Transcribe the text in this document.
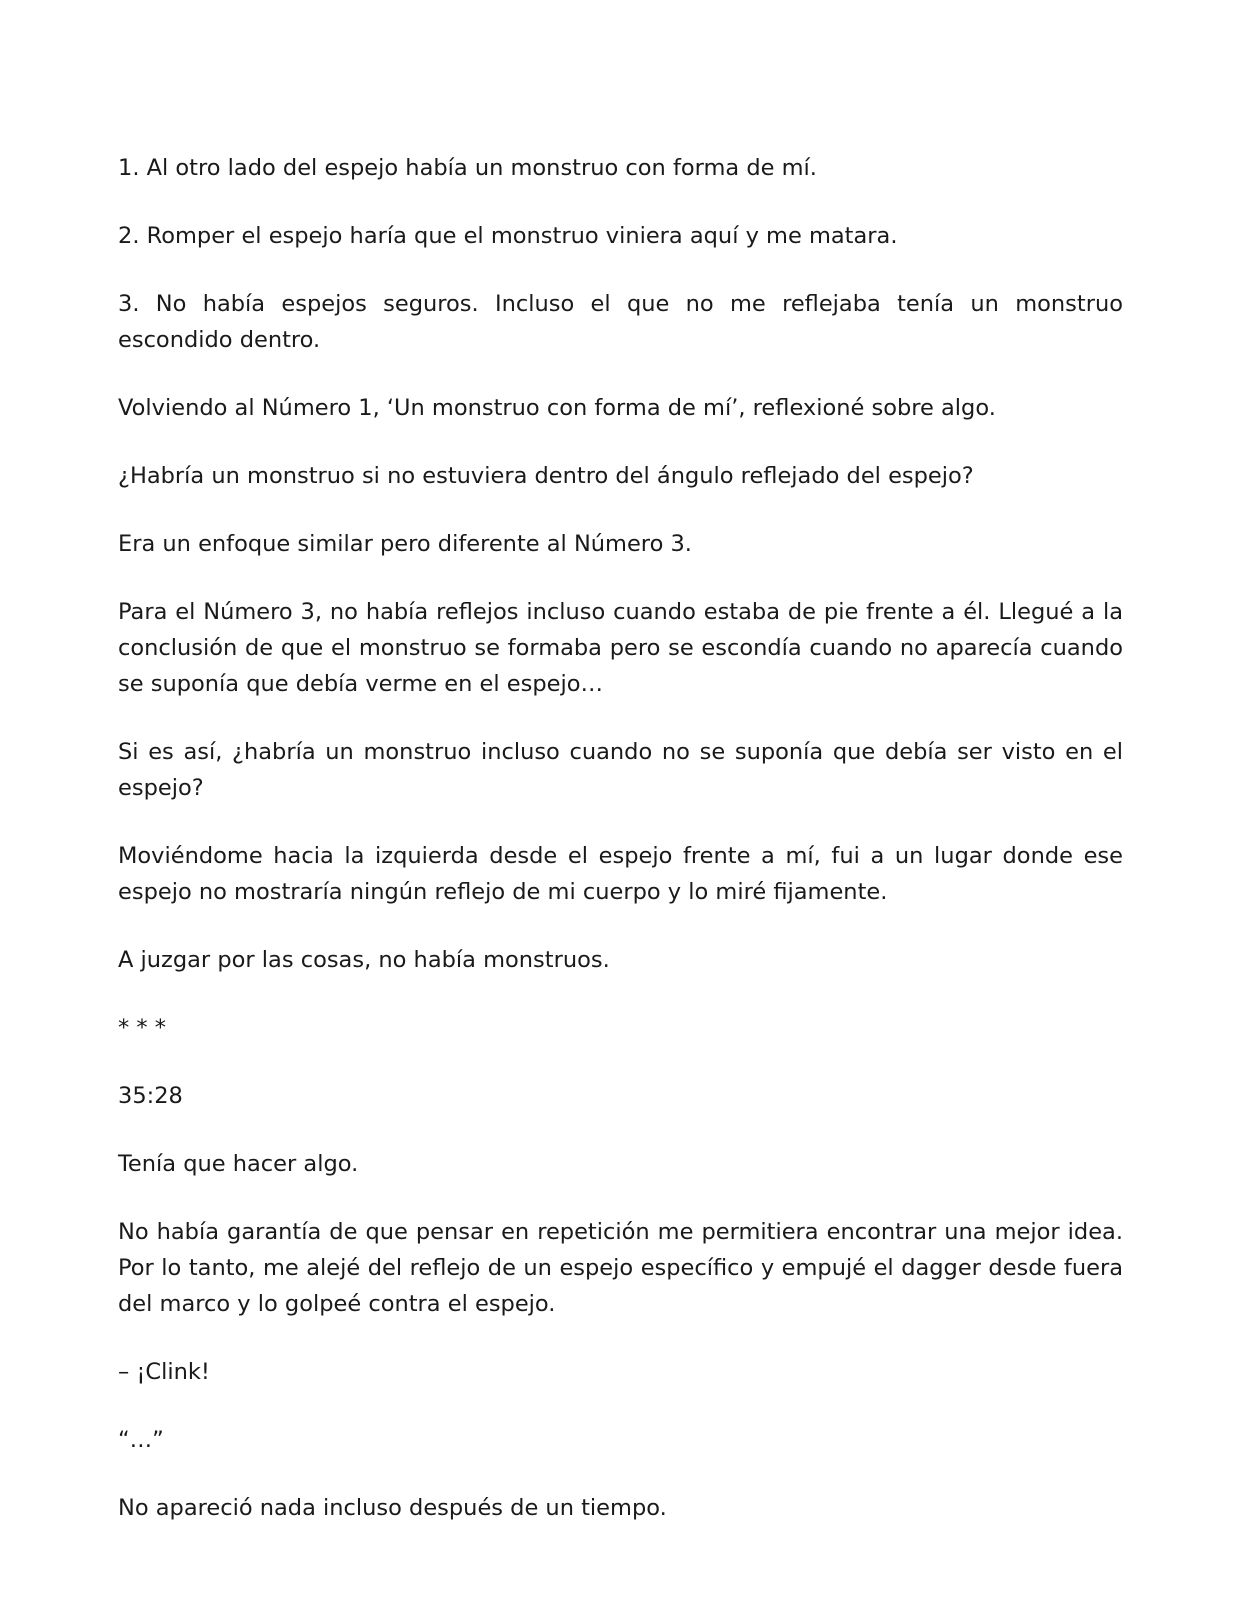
1. Al otro lado del espejo había un monstruo con forma de mí.

2. Romper el espejo haría que el monstruo viniera aquí y me matara.

3. No había espejos seguros. Incluso el que no me reflejaba tenía un monstruo escondido dentro.

Volviendo al Número 1, ‘Un monstruo con forma de mí’, reflexioné sobre algo.

¿Habría un monstruo si no estuviera dentro del ángulo reflejado del espejo?

Era un enfoque similar pero diferente al Número 3.

Para el Número 3, no había reflejos incluso cuando estaba de pie frente a él. Llegué a la conclusión de que el monstruo se formaba pero se escondía cuando no aparecía cuando se suponía que debía verme en el espejo…

Si es así, ¿habría un monstruo incluso cuando no se suponía que debía ser visto en el espejo?

Moviéndome hacia la izquierda desde el espejo frente a mí, fui a un lugar donde ese espejo no mostraría ningún reflejo de mi cuerpo y lo miré fijamente.

A juzgar por las cosas, no había monstruos.

* * *

35:28

Tenía que hacer algo.

No había garantía de que pensar en repetición me permitiera encontrar una mejor idea. Por lo tanto, me alejé del reflejo de un espejo específico y empujé el dagger desde fuera del marco y lo golpeé contra el espejo.

– ¡Clink!

“…”

No apareció nada incluso después de un tiempo.
